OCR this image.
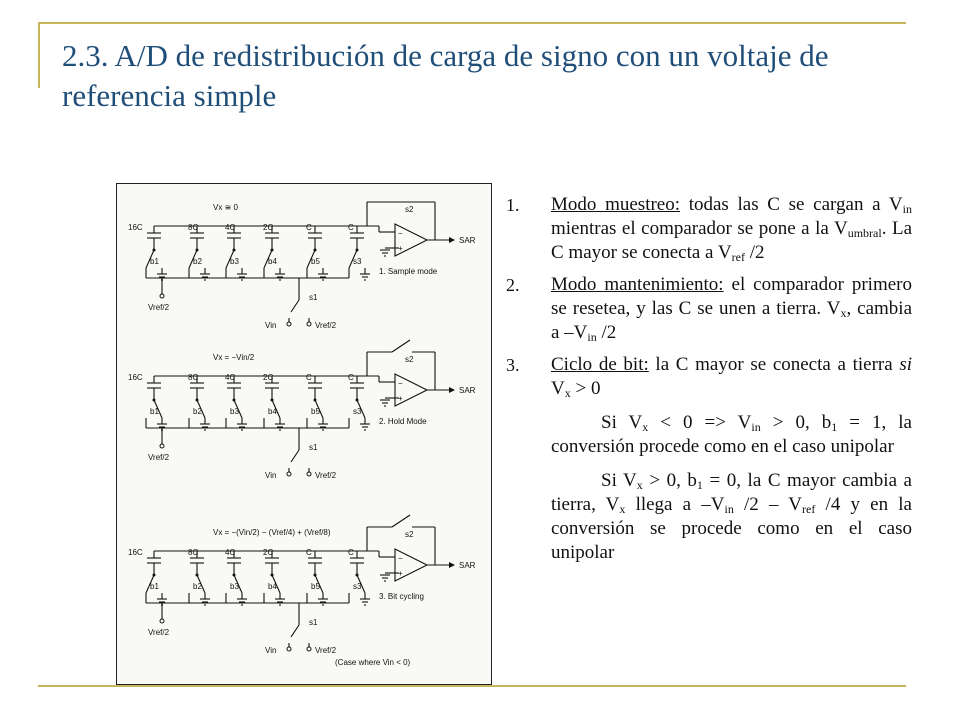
2.3. A/D de redistribución de carga de signo con un voltaje de referencia simple
Vx ≅ 0
−
+
s2
SAR
16C
b1
8C
b2
4C
b3
2C
b4
C
b5
C
s3
1. Sample mode
Vref/2
s1
Vin	Vref/2
Vx = −Vin/2
−
+
s2
SAR
16C
b1
8C
b2
4C
b3
2C
b4
C
b5
C
s3
2. Hold Mode
Vref/2
s1
Vin	Vref/2
Vx = −(Vin/2) − (Vref/4) + (Vref/8)
−
+
s2
SAR
16C
b1
8C
b2
4C
b3
2C
b4
C
b5
C
s3
3. Bit cycling
Vref/2
s1
Vin	Vref/2
(Case where Vin < 0)
1. Modo muestreo: todas las C se cargan a $V_{in}$ mientras el comparador se pone a la $V_{umbral}$. La C mayor se conecta a $V_{ref}$ /2

2. Modo mantenimiento: el comparador primero se resetea, y las C se unen a tierra. $V_x$, cambia a $-V_{in}$ /2

3. Ciclo de bit: la C mayor se conecta a tierra si $V_x > 0$

Si $V_x < 0 => V_{in} > 0$, $b_1 = 1$, la conversión procede como en el caso unipolar

Si $V_x > 0$, $b_1 = 0$, la C mayor cambia a tierra, $V_x$ llega a $-V_{in}$ $/2 - V_{ref}$ /4 y en la conversión se procede como en el caso unipolar
